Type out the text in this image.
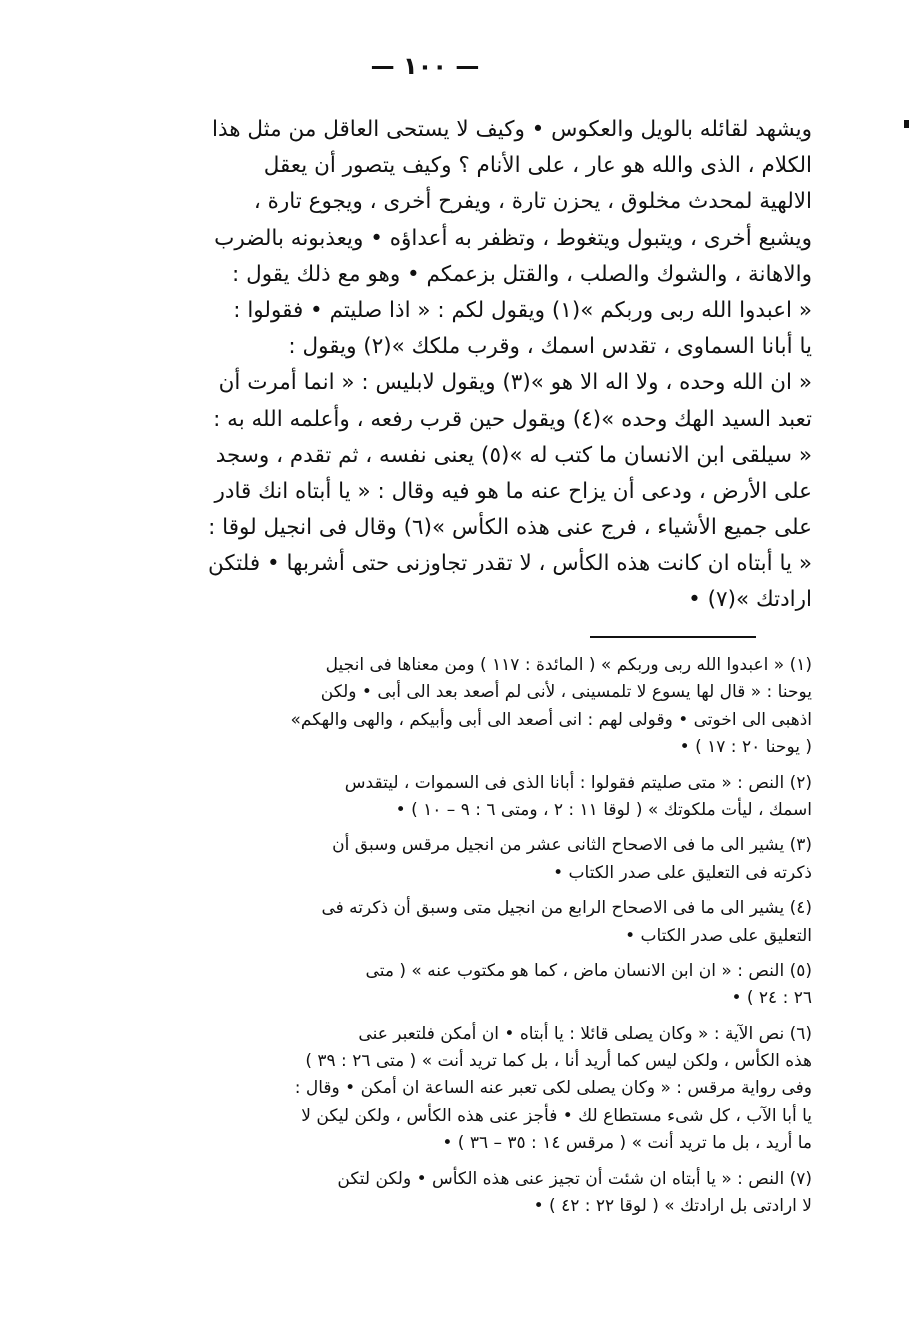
— ١٠٠ —
ويشهد لقائله بالويل والعكوس • وكيف لا يستحى العاقل من مثل هذا
الكلام ، الذى والله هو عار ، على الأنام ؟ وكيف يتصور أن يعقل
الالهية لمحدث مخلوق ، يحزن تارة ، ويفرح أخرى ، ويجوع تارة ،
ويشبع أخرى ، ويتبول ويتغوط ، وتظفر به أعداؤه • ويعذبونه بالضرب
والاهانة ، والشوك والصلب ، والقتل بزعمكم • وهو مع ذلك يقول :
« اعبدوا الله ربى وربكم »(١) ويقول لكم : « اذا صليتم • فقولوا :
يا أبانا السماوى ، تقدس اسمك ، وقرب ملكك »(٢) ويقول :
« ان الله وحده ، ولا اله الا هو »(٣) ويقول لابليس : « انما أمرت أن
تعبد السيد الهك وحده »(٤) ويقول حين قرب رفعه ، وأعلمه الله به :
« سيلقى ابن الانسان ما كتب له »(٥) يعنى نفسه ، ثم تقدم ، وسجد
على الأرض ، ودعى أن يزاح عنه ما هو فيه وقال : « يا أبتاه انك قادر
على جميع الأشياء ، فرج عنى هذه الكأس »(٦) وقال فى انجيل لوقا :
« يا أبتاه ان كانت هذه الكأس ، لا تقدر تجاوزنى حتى أشربها • فلتكن
ارادتك »(٧) •
(١) « اعبدوا الله ربى وربكم » ( المائدة : ١١٧ ) ومن معناها فى انجيل
يوحنا : « قال لها يسوع لا تلمسينى ، لأنى لم أصعد بعد الى أبى • ولكن
اذهبى الى اخوتى • وقولى لهم : انى أصعد الى أبى وأبيكم ، والهى والهكم»
( يوحنا ٢٠ : ١٧ ) •
(٢) النص : « متى صليتم فقولوا : أبانا الذى فى السموات ، ليتقدس
اسمك ، ليأت ملكوتك » ( لوقا ١١ : ٢ ، ومتى ٦ : ٩ – ١٠ ) •
(٣) يشير الى ما فى الاصحاح الثانى عشر من انجيل مرقس وسبق أن
ذكرته فى التعليق على صدر الكتاب •
(٤) يشير الى ما فى الاصحاح الرابع من انجيل متى وسبق أن ذكرته فى
التعليق على صدر الكتاب •
(٥) النص : « ان ابن الانسان ماض ، كما هو مكتوب عنه » ( متى
٢٦ : ٢٤ ) •
(٦) نص الآية : « وكان يصلى قائلا : يا أبتاه • ان أمكن فلتعبر عنى
هذه الكأس ، ولكن ليس كما أريد أنا ، بل كما تريد أنت » ( متى ٢٦ : ٣٩ )
وفى رواية مرقس : « وكان يصلى لكى تعبر عنه الساعة ان أمكن • وقال :
يا أبا الآب ، كل شىء مستطاع لك • فأجز عنى هذه الكأس ، ولكن ليكن لا
ما أريد ، بل ما تريد أنت » ( مرقس ١٤ : ٣٥ – ٣٦ ) •
(٧) النص : « يا أبتاه ان شئت أن تجيز عنى هذه الكأس • ولكن لتكن
لا ارادتى بل ارادتك » ( لوقا ٢٢ : ٤٢ ) •
